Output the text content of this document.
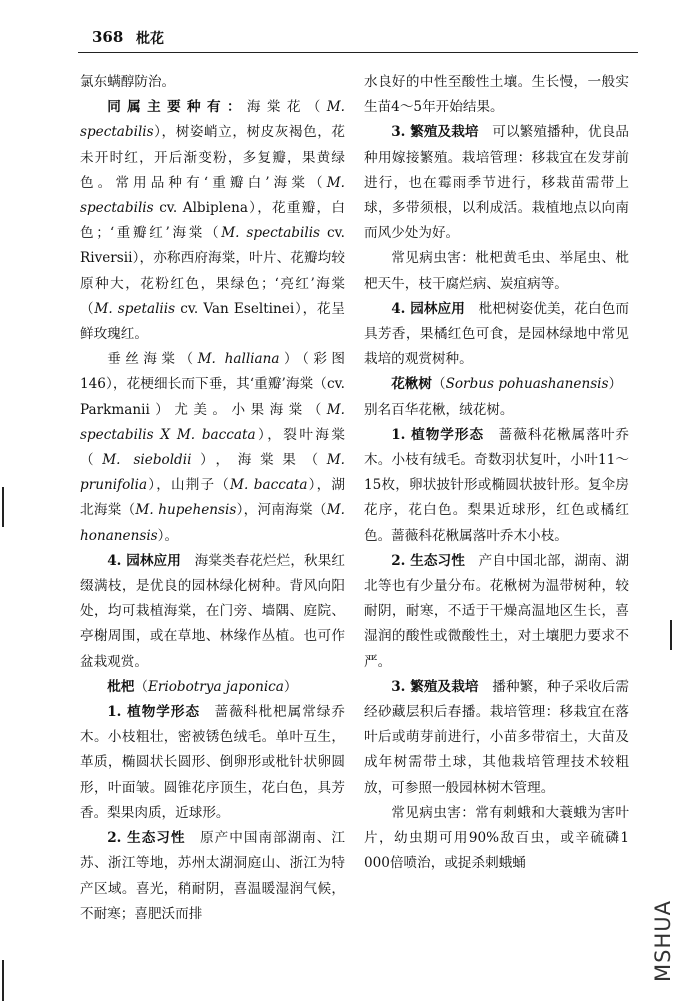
368 枇花

氯东螨醇防治。

同属主要种有：海棠花（M. spectabilis），树姿峭立，树皮灰褐色，花未开时红，开后渐变粉，多复瓣，果黄绿色。常用品种有‘重瓣白’海棠（M. spectabilis cv. Albiplena），花重瓣，白色；‘重瓣红’海棠（M. spectabilis cv. Riversii），亦称西府海棠，叶片、花瓣均较原种大，花粉红色，果绿色；‘亮红’海棠（M. spetaliis cv. Van Eseltinei），花呈鲜玫瑰红。

垂丝海棠（M. halliana）（彩图146），花梗细长而下垂，其‘重瓣’海棠（cv. Parkmanii）尤美。小果海棠（M. spectabilis X M. baccata），裂叶海棠（M. sieboldii），海棠果（M. prunifolia），山荆子（M. baccata），湖北海棠（M. hupehensis），河南海棠（M. honanensis）。

4. 园林应用　 海棠类春花烂烂，秋果红缀满枝，是优良的园林绿化树种。背风向阳处，均可栽植海棠，在门旁、墙隅、庭院、亭榭周围，或在草地、林缘作丛植。也可作盆栽观赏。

枇杷（Eriobotrya japonica）

1. 植物学形态　 蔷薇科枇杷属常绿乔木。小枝粗壮，密被锈色绒毛。单叶互生，革质，椭圆状长圆形、倒卵形或枇针状卵圆形，叶面皱。圆锥花序顶生，花白色，具芳香。梨果肉质，近球形。

2. 生态习性　 原产中国南部湖南、江苏、浙江等地，苏州太湖洞庭山、浙江为特产区域。喜光，稍耐阴，喜温暖湿润气候，不耐寒；喜肥沃而排

水良好的中性至酸性土壤。生长慢，一般实生苗4～5年开始结果。

3. 繁殖及栽培　 可以繁殖播种，优良品种用嫁接繁殖。栽培管理：移栽宜在发芽前进行，也在霉雨季节进行，移栽苗需带上球，多带须根，以利成活。栽植地点以向南而风少处为好。

常见病虫害：枇杷黄毛虫、举尾虫、枇杷天牛，枝干腐烂病、炭疽病等。

4. 园林应用　 枇杷树姿优美，花白色而具芳香，果橘红色可食，是园林绿地中常见栽培的观赏树种。

花楸树（Sorbus pohuashanensis）

别名百华花楸，绒花树。

1. 植物学形态　 蔷薇科花楸属落叶乔木。小枝有绒毛。奇数羽状复叶，小叶11～15枚，卵状披针形或椭圆状披针形。复伞房花序，花白色。梨果近球形，红色或橘红色。蔷薇科花楸属落叶乔木小枝。

2. 生态习性　 产自中国北部，湖南、湖北等也有少量分布。花楸树为温带树种，较耐阴，耐寒，不适于干燥高温地区生长，喜湿润的酸性或微酸性土，对土壤肥力要求不严。

3. 繁殖及栽培　 播种繁，种子采收后需经砂藏层积后春播。栽培管理：移栽宜在落叶后或萌芽前进行，小苗多带宿土，大苗及成年树需带土球，其他栽培管理技术较粗放，可参照一般园林树木管理。

常见病虫害：常有刺蛾和大蓑蛾为害叶片，幼虫期可用90%敌百虫，或辛硫磷1 000倍喷治，或捉杀刺蛾蛹

MSHUA
